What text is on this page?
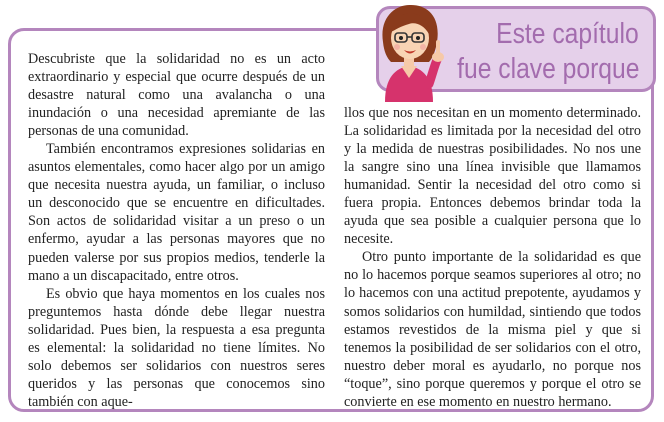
Este capítulo
fue clave porque

Descubriste que la solidaridad no es un acto extraordinario y especial que ocurre después de un desastre natural como una avalancha o una inundación o una necesidad apremiante de las personas de una comunidad.

También encontramos expresiones solidarias en asuntos elementales, como hacer algo por un amigo que necesita nuestra ayuda, un familiar, o incluso un desconocido que se encuentre en dificultades. Son actos de solidaridad visitar a un preso o un enfermo, ayudar a las personas mayores que no pueden valerse por sus propios medios, tenderle la mano a un discapacitado, entre otros.

Es obvio que haya momentos en los cuales nos preguntemos hasta dónde debe llegar nuestra solidaridad. Pues bien, la respuesta a esa pregunta es elemental: la solidaridad no tiene límites. No solo debemos ser solidarios con nuestros seres queridos y las personas que conocemos sino también con aque-

llos que nos necesitan en un momento determinado. La solidaridad es limitada por la necesidad del otro y la medida de nuestras posibilidades. No nos une la sangre sino una línea invisible que llamamos humanidad. Sentir la necesidad del otro como si fuera propia. Entonces debemos brindar toda la ayuda que sea posible a cualquier persona que lo necesite.

Otro punto importante de la solidaridad es que no lo hacemos porque seamos superiores al otro; no lo hacemos con una actitud prepotente, ayudamos y somos solidarios con humildad, sintiendo que todos estamos revestidos de la misma piel y que si tenemos la posibilidad de ser solidarios con el otro, nuestro deber moral es ayudarlo, no porque nos “toque”, sino porque queremos y porque el otro se convierte en ese momento en nuestro hermano.
